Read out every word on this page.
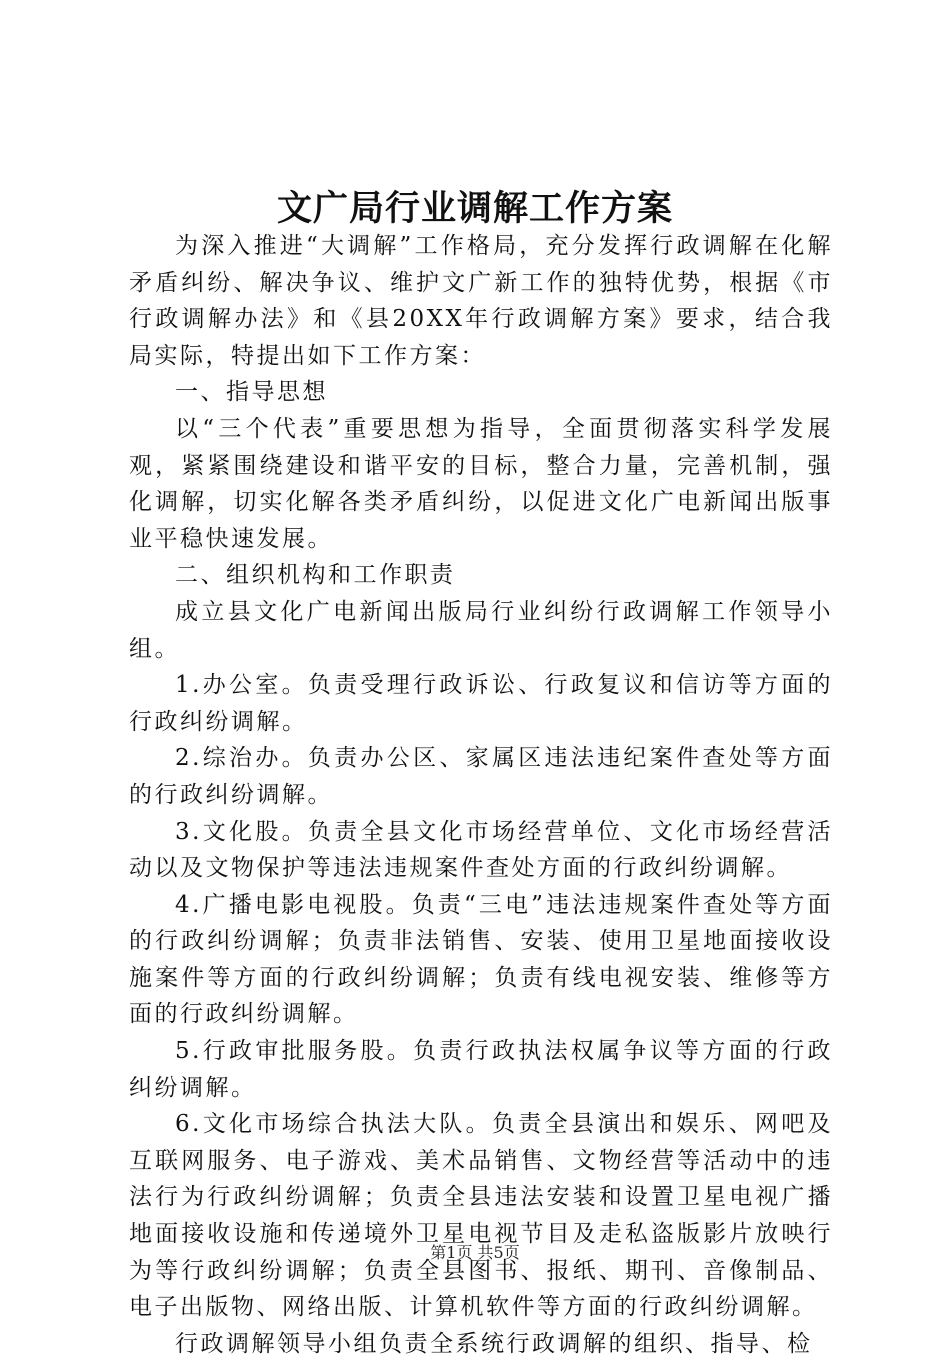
文广局行业调解工作方案

为深入推进“大调解”工作格局，充分发挥行政调解在化解矛盾纠纷、解决争议、维护文广新工作的独特优势，根据《市行政调解办法》和《县20XX年行政调解方案》要求，结合我局实际，特提出如下工作方案：

一、指导思想

以“三个代表”重要思想为指导，全面贯彻落实科学发展观，紧紧围绕建设和谐平安的目标，整合力量，完善机制，强化调解，切实化解各类矛盾纠纷，以促进文化广电新闻出版事业平稳快速发展。

二、组织机构和工作职责

成立县文化广电新闻出版局行业纠纷行政调解工作领导小组。

1.办公室。负责受理行政诉讼、行政复议和信访等方面的行政纠纷调解。

2.综治办。负责办公区、家属区违法违纪案件查处等方面的行政纠纷调解。

3.文化股。负责全县文化市场经营单位、文化市场经营活动以及文物保护等违法违规案件查处方面的行政纠纷调解。

4.广播电影电视股。负责“三电”违法违规案件查处等方面的行政纠纷调解；负责非法销售、安装、使用卫星地面接收设施案件等方面的行政纠纷调解；负责有线电视安装、维修等方面的行政纠纷调解。

5.行政审批服务股。负责行政执法权属争议等方面的行政纠纷调解。

6.文化市场综合执法大队。负责全县演出和娱乐、网吧及互联网服务、电子游戏、美术品销售、文物经营等活动中的违法行为行政纠纷调解；负责全县违法安装和设置卫星电视广播地面接收设施和传递境外卫星电视节目及走私盗版影片放映行为等行政纠纷调解；负责全县图书、报纸、期刊、音像制品、电子出版物、网络出版、计算机软件等方面的行政纠纷调解。

行政调解领导小组负责全系统行政调解的组织、指导、检

第1页 共5页
